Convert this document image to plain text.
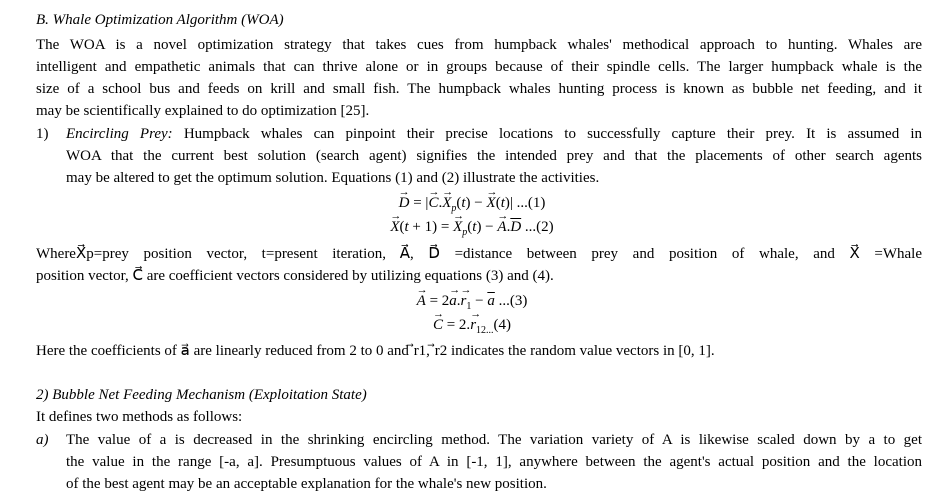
B. Whale Optimization Algorithm (WOA)
The WOA is a novel optimization strategy that takes cues from humpback whales' methodical approach to hunting. Whales are
intelligent and empathetic animals that can thrive alone or in groups because of their spindle cells. The larger humpback whale is the
size of a school bus and feeds on krill and small fish. The humpback whales hunting process is known as bubble net feeding, and it
may be scientifically explained to do optimization [25].
1) Encircling Prey: Humpback whales can pinpoint their precise locations to successfully capture their prey. It is assumed in
WOA that the current best solution (search agent) signifies the intended prey and that the placements of other search agents
may be altered to get the optimum solution. Equations (1) and (2) illustrate the activities.
→ D = |→ $C.\to X_p(t)$ − → X(t)| ...(1)
→ X(t + 1) = → $X_p(t)$ − → $A.\overline{D}$ ...(2)
WhereX⃗p=prey position vector, t=present iteration, A⃗, D⃗ =distance between prey and position of whale, and X⃗ =Whale
position vector, C⃗ are coefficient vectors considered by utilizing equations (3) and (4).
→ $A = 2\to a.\to r_1 - \overline{a}$ ...(3)
→ $C = 2.\to r_{12...}(4)$
Here the coefficients of a⃗ are linearly reduced from 2 to 0 and ⃗r1, ⃗r2 indicates the random value vectors in [0, 1].
2) Bubble Net Feeding Mechanism (Exploitation State)
It defines two methods as follows:
a) The value of a is decreased in the shrinking encircling method. The variation variety of A is likewise scaled down by a to get
the value in the range [-a, a]. Presumptuous values of A in [-1, 1], anywhere between the agent's actual position and the location
of the best agent may be an acceptable explanation for the whale's new position.
